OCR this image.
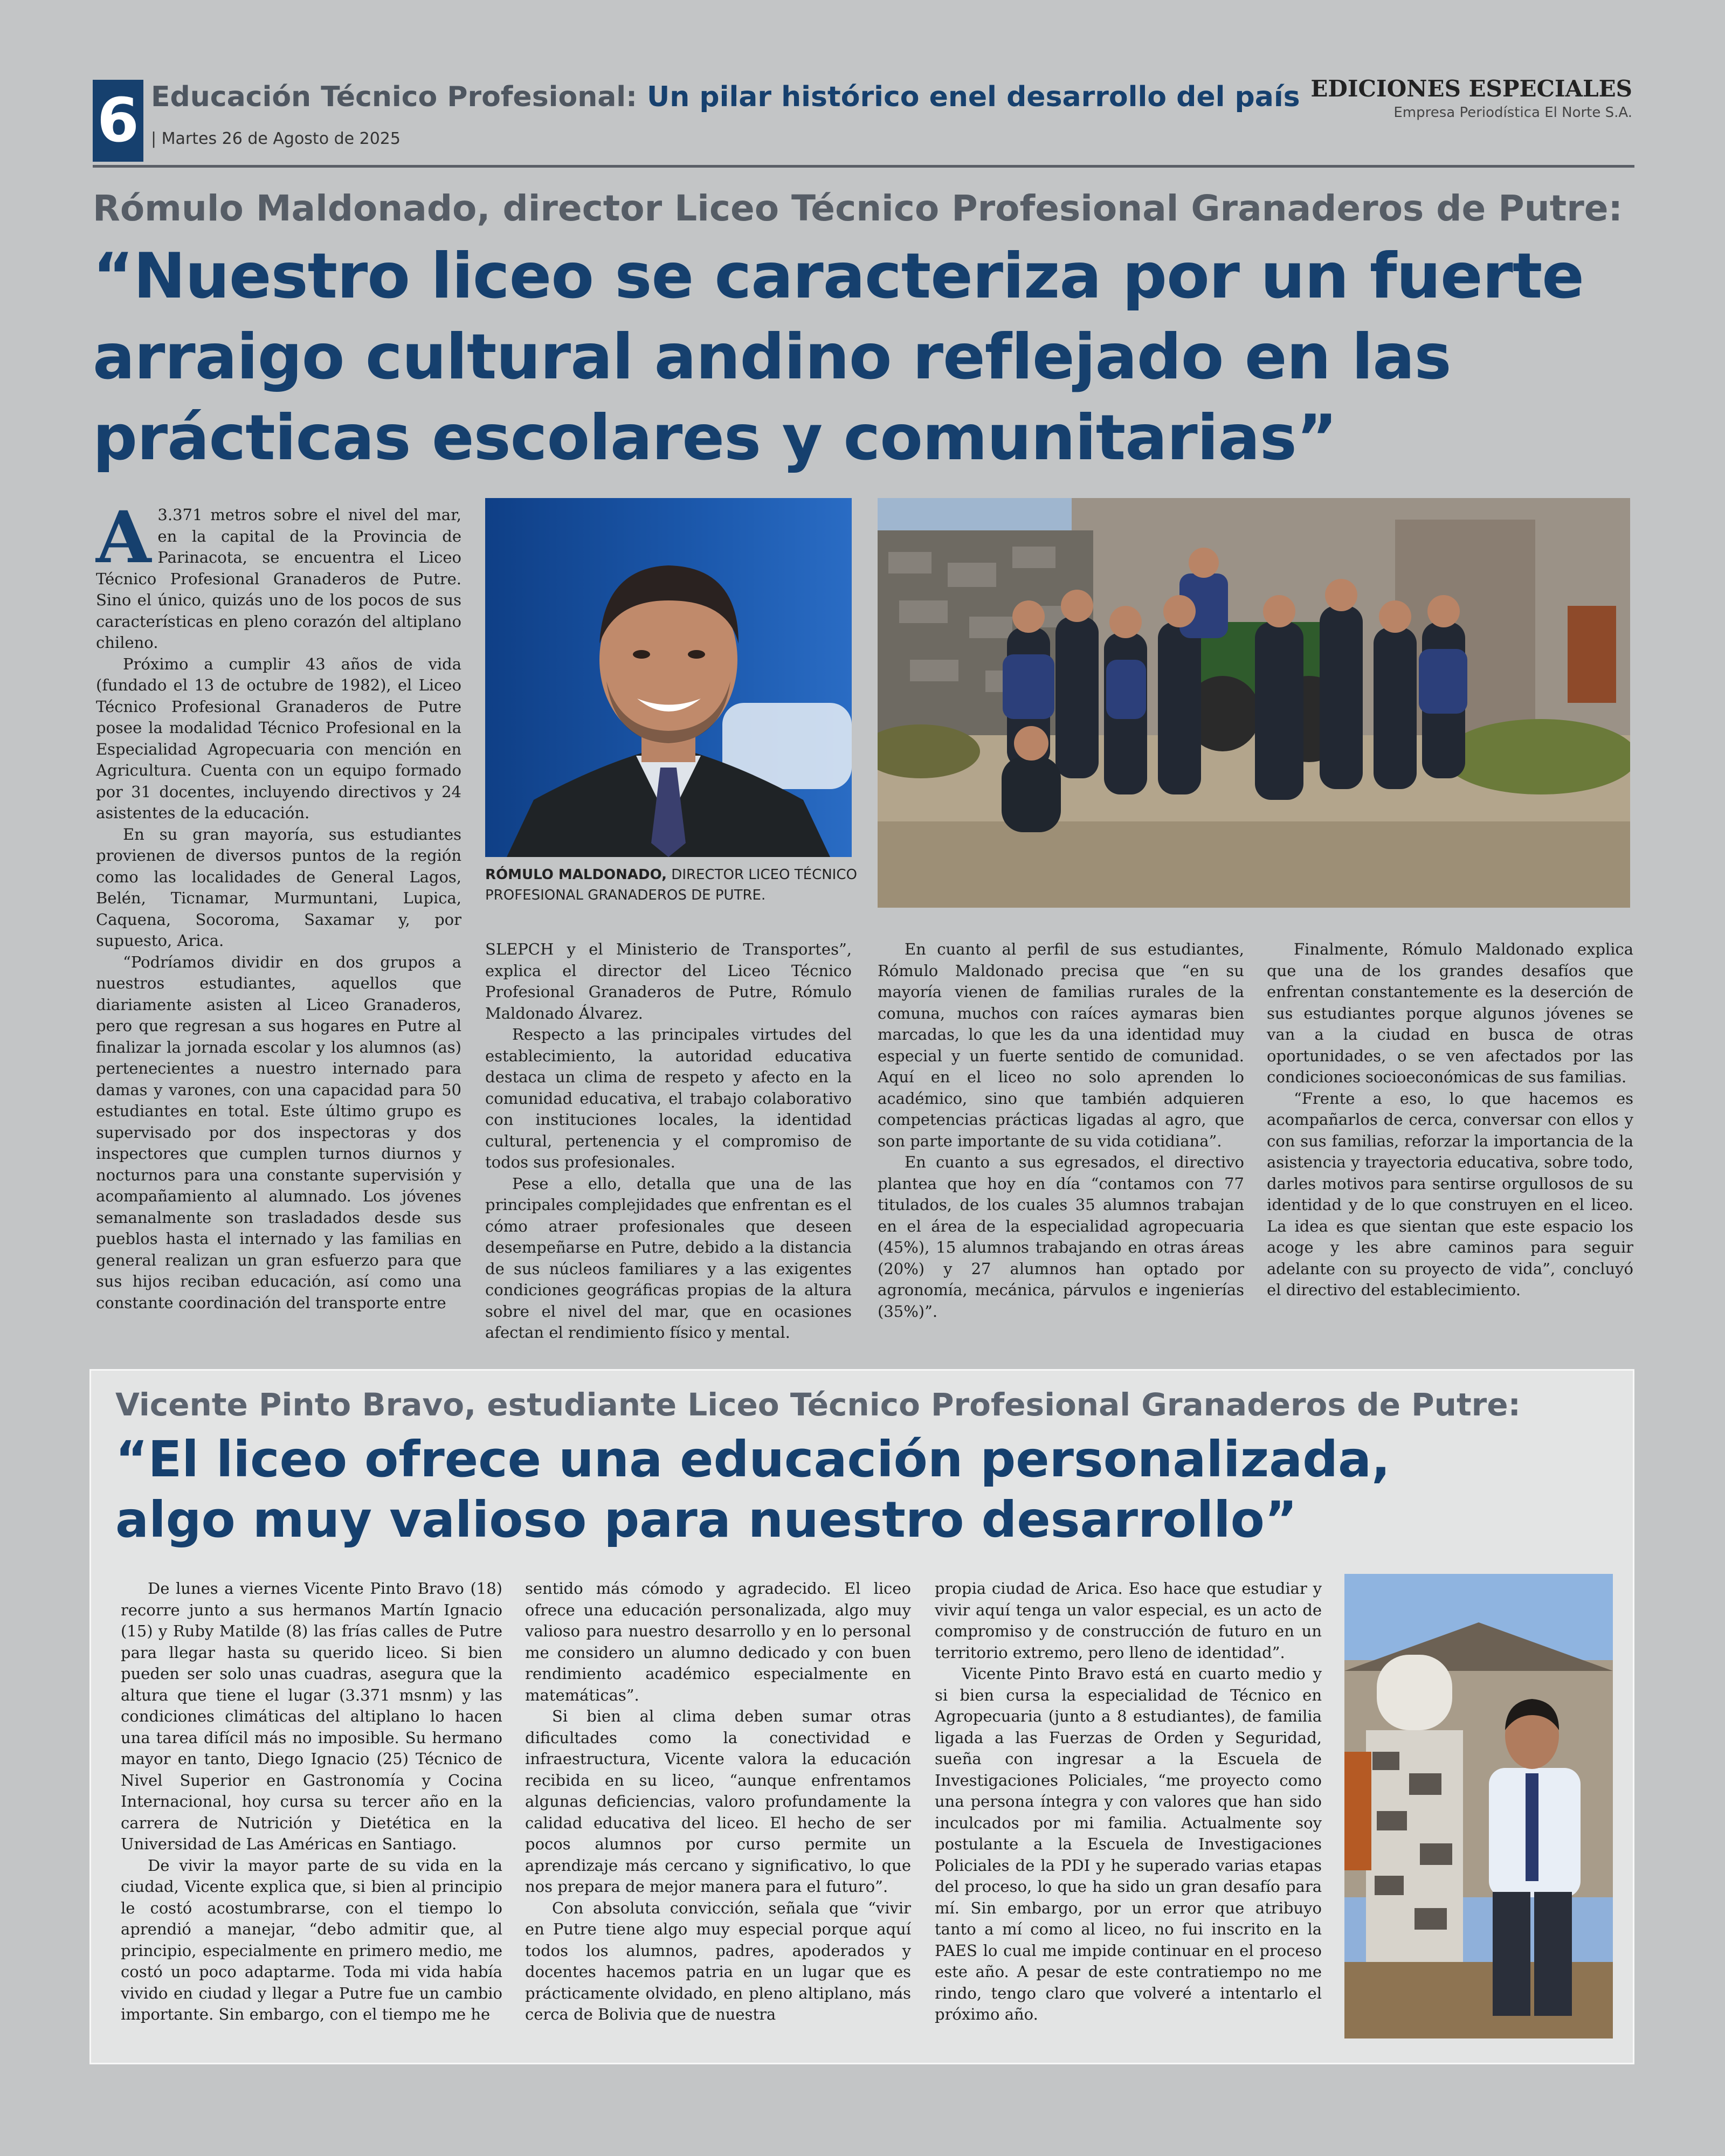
6 Educación Técnico Profesional: Un pilar histórico enel desarrollo del país
| Martes 26 de Agosto de 2025
EDICIONES ESPECIALES
Empresa Periodística El Norte S.A.
Rómulo Maldonado, director Liceo Técnico Profesional Granaderos de Putre:
“Nuestro liceo se caracteriza por un fuerte arraigo cultural andino reflejado en las prácticas escolares y comunitarias”

A 3.371 metros sobre el nivel del mar, en la capital de la Provincia de Parinacota, se encuentra el Liceo Técnico Profesional Granaderos de Putre. Sino el único, quizás uno de los pocos de sus características en pleno corazón del altiplano chileno.

Próximo a cumplir 43 años de vida (fundado el 13 de octubre de 1982), el Liceo Técnico Profesional Granaderos de Putre posee la modalidad Técnico Profesional en la Especialidad Agropecuaria con mención en Agricultura. Cuenta con un equipo formado por 31 docentes, incluyendo directivos y 24 asistentes de la educación.

En su gran mayoría, sus estudiantes provienen de diversos puntos de la región como las localidades de General Lagos, Belén, Ticnamar, Murmuntani, Lupica, Caquena, Socoroma, Saxamar y, por supuesto, Arica.

“Podríamos dividir en dos grupos a nuestros estudiantes, aquellos que diariamente asisten al Liceo Granaderos, pero que regresan a sus hogares en Putre al finalizar la jornada escolar y los alumnos (as) pertenecientes a nuestro internado para damas y varones, con una capacidad para 50 estudiantes en total. Este último grupo es supervisado por dos inspectoras y dos inspectores que cumplen turnos diurnos y nocturnos para una constante supervisión y acompañamiento al alumnado. Los jóvenes semanalmente son trasladados desde sus pueblos hasta el internado y las familias en general realizan un gran esfuerzo para que sus hijos reciban educación, así como una constante coordinación del transporte entre

RÓMULO MALDONADO, DIRECTOR LICEO TÉCNICO PROFESIONAL GRANADEROS DE PUTRE.

SLEPCH y el Ministerio de Transportes”, explica el director del Liceo Técnico Profesional Granaderos de Putre, Rómulo Maldonado Álvarez.

Respecto a las principales virtudes del establecimiento, la autoridad educativa destaca un clima de respeto y afecto en la comunidad educativa, el trabajo colaborativo con instituciones locales, la identidad cultural, pertenencia y el compromiso de todos sus profesionales.

Pese a ello, detalla que una de las principales complejidades que enfrentan es el cómo atraer profesionales que deseen desempeñarse en Putre, debido a la distancia de sus núcleos familiares y a las exigentes condiciones geográficas propias de la altura sobre el nivel del mar, que en ocasiones afectan el rendimiento físico y mental.

En cuanto al perfil de sus estudiantes, Rómulo Maldonado precisa que “en su mayoría vienen de familias rurales de la comuna, muchos con raíces aymaras bien marcadas, lo que les da una identidad muy especial y un fuerte sentido de comunidad. Aquí en el liceo no solo aprenden lo académico, sino que también adquieren competencias prácticas ligadas al agro, que son parte importante de su vida cotidiana”.

En cuanto a sus egresados, el directivo plantea que hoy en día “contamos con 77 titulados, de los cuales 35 alumnos trabajan en el área de la especialidad agropecuaria (45%), 15 alumnos trabajando en otras áreas (20%) y 27 alumnos han optado por agronomía, mecánica, párvulos e ingenierías (35%)”.

Finalmente, Rómulo Maldonado explica que una de los grandes desafíos que enfrentan constantemente es la deserción de sus estudiantes porque algunos jóvenes se van a la ciudad en busca de otras oportunidades, o se ven afectados por las condiciones socioeconómicas de sus familias.

“Frente a eso, lo que hacemos es acompañarlos de cerca, conversar con ellos y con sus familias, reforzar la importancia de la asistencia y trayectoria educativa, sobre todo, darles motivos para sentirse orgullosos de su identidad y de lo que construyen en el liceo. La idea es que sientan que este espacio los acoge y les abre caminos para seguir adelante con su proyecto de vida”, concluyó el directivo del establecimiento.

Vicente Pinto Bravo, estudiante Liceo Técnico Profesional Granaderos de Putre:
“El liceo ofrece una educación personalizada, algo muy valioso para nuestro desarrollo”

De lunes a viernes Vicente Pinto Bravo (18) recorre junto a sus hermanos Martín Ignacio (15) y Ruby Matilde (8) las frías calles de Putre para llegar hasta su querido liceo. Si bien pueden ser solo unas cuadras, asegura que la altura que tiene el lugar (3.371 msnm) y las condiciones climáticas del altiplano lo hacen una tarea difícil más no imposible. Su hermano mayor en tanto, Diego Ignacio (25) Técnico de Nivel Superior en Gastronomía y Cocina Internacional, hoy cursa su tercer año en la carrera de Nutrición y Dietética en la Universidad de Las Américas en Santiago.

De vivir la mayor parte de su vida en la ciudad, Vicente explica que, si bien al principio le costó acostumbrarse, con el tiempo lo aprendió a manejar, “debo admitir que, al principio, especialmente en primero medio, me costó un poco adaptarme. Toda mi vida había vivido en ciudad y llegar a Putre fue un cambio importante. Sin embargo, con el tiempo me he

sentido más cómodo y agradecido. El liceo ofrece una educación personalizada, algo muy valioso para nuestro desarrollo y en lo personal me considero un alumno dedicado y con buen rendimiento académico especialmente en matemáticas”.

Si bien al clima deben sumar otras dificultades como la conectividad e infraestructura, Vicente valora la educación recibida en su liceo, “aunque enfrentamos algunas deficiencias, valoro profundamente la calidad educativa del liceo. El hecho de ser pocos alumnos por curso permite un aprendizaje más cercano y significativo, lo que nos prepara de mejor manera para el futuro”.

Con absoluta convicción, señala que “vivir en Putre tiene algo muy especial porque aquí todos los alumnos, padres, apoderados y docentes hacemos patria en un lugar que es prácticamente olvidado, en pleno altiplano, más cerca de Bolivia que de nuestra

propia ciudad de Arica. Eso hace que estudiar y vivir aquí tenga un valor especial, es un acto de compromiso y de construcción de futuro en un territorio extremo, pero lleno de identidad”.

Vicente Pinto Bravo está en cuarto medio y si bien cursa la especialidad de Técnico en Agropecuaria (junto a 8 estudiantes), de familia ligada a las Fuerzas de Orden y Seguridad, sueña con ingresar a la Escuela de Investigaciones Policiales, “me proyecto como una persona íntegra y con valores que han sido inculcados por mi familia. Actualmente soy postulante a la Escuela de Investigaciones Policiales de la PDI y he superado varias etapas del proceso, lo que ha sido un gran desafío para mí. Sin embargo, por un error que atribuyo tanto a mí como al liceo, no fui inscrito en la PAES lo cual me impide continuar en el proceso este año. A pesar de este contratiempo no me rindo, tengo claro que volveré a intentarlo el próximo año.
